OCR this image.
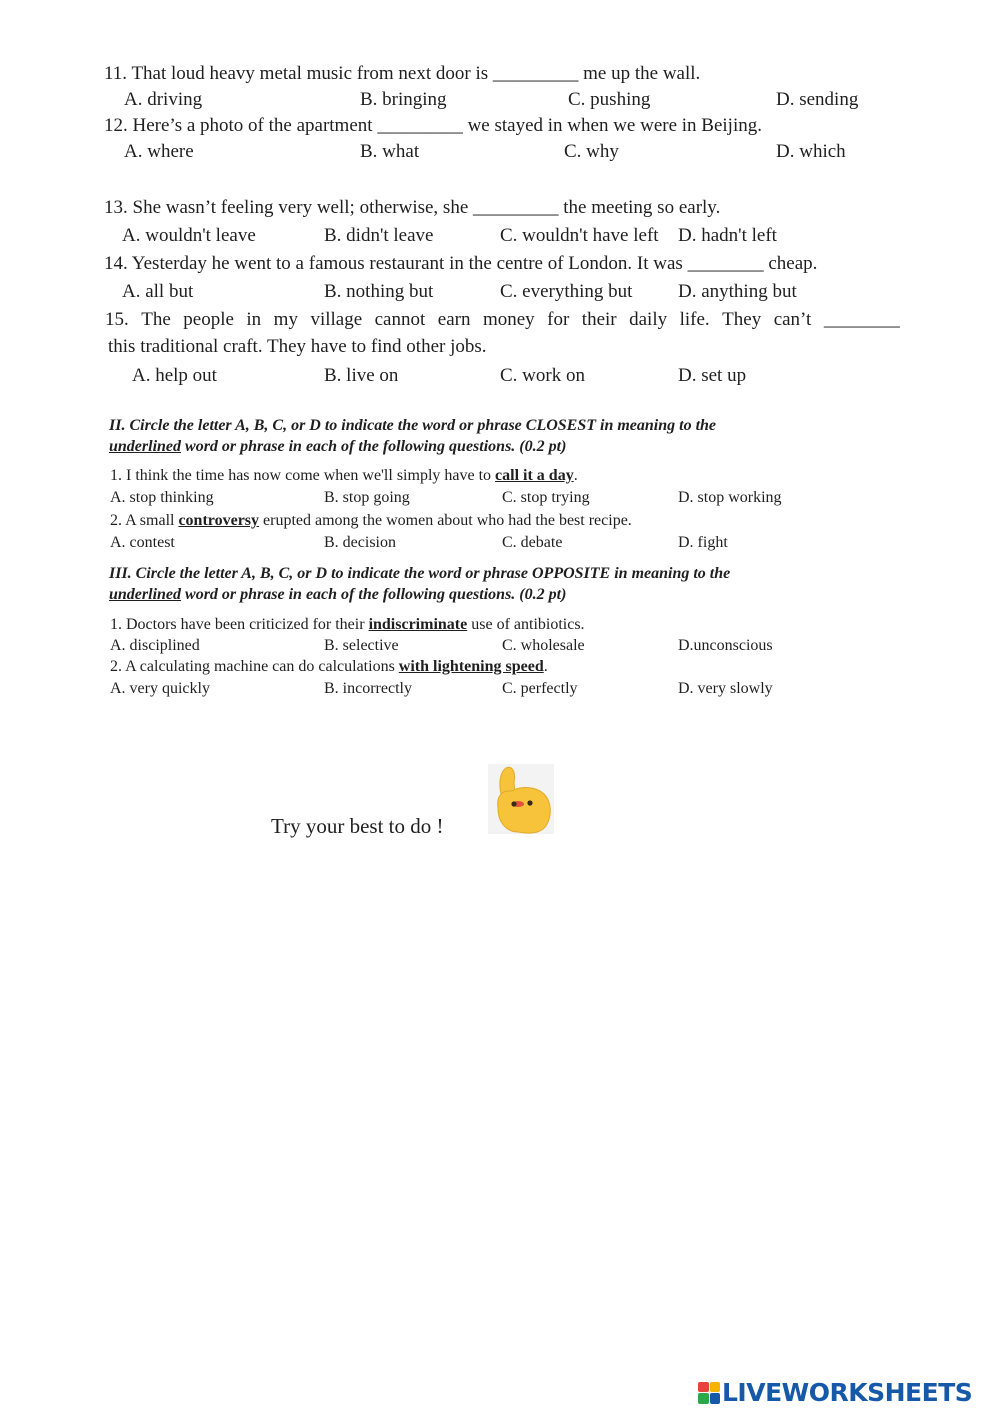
11. That loud heavy metal music from next door is _________ me up the wall.
A. driving	B. bringing	C. pushing	D. sending
12. Here’s a photo of the apartment _________ we stayed in when we were in Beijing.
A. where	B. what	C. why	D. which
13. She wasn’t feeling very well; otherwise, she _________ the meeting so early.
A. wouldn't leave	B. didn't leave	C. wouldn't have left D. hadn't left
14. Yesterday he went to a famous restaurant in the centre of London. It was ________ cheap.
A. all but	B. nothing but	C. everything but D. anything but
15. The people in my village cannot earn money for their daily life. They can’t ________
this traditional craft. They have to find other jobs.
A. help out	B. live on	C. work on	D. set up
II. Circle the letter A, B, C, or D to indicate the word or phrase CLOSEST in meaning to the
underlined word or phrase in each of the following questions. (0.2 pt)
1. I think the time has now come when we'll simply have to call it a day.
A. stop thinking	B. stop going	C. stop trying	D. stop working
2. A small controversy erupted among the women about who had the best recipe.
A. contest	B. decision	C. debate	D. fight
III. Circle the letter A, B, C, or D to indicate the word or phrase OPPOSITE in meaning to the
underlined word or phrase in each of the following questions. (0.2 pt)
1. Doctors have been criticized for their indiscriminate use of antibiotics.
A. disciplined	B. selective	C. wholesale	D.unconscious
2. A calculating machine can do calculations with lightening speed.
A. very quickly	B. incorrectly	C. perfectly	D. very slowly
Try your best to do !
LIVEWORKSHEETS
